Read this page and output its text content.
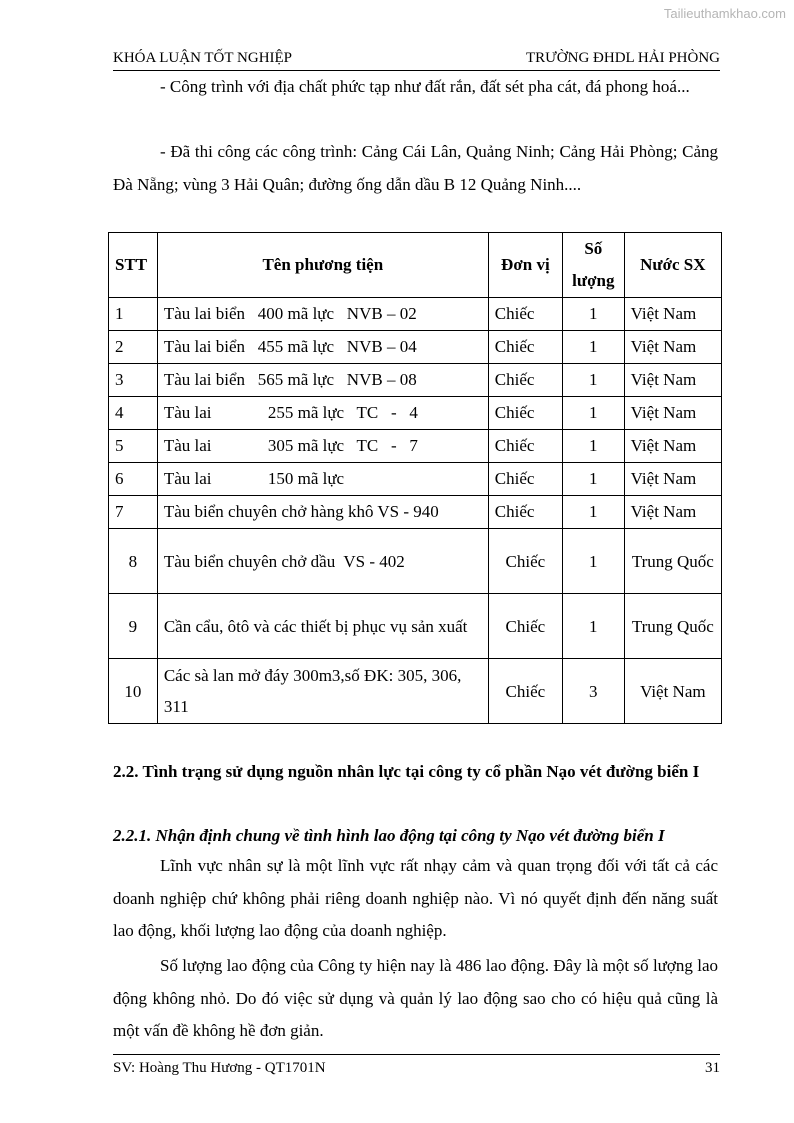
Tailieuthamkhao.com
KHÓA LUẬN TỐT NGHIỆP	TRƯỜNG ĐHDL HẢI PHÒNG

- Công trình với địa chất phức tạp như đất rắn, đất sét pha cát, đá phong hoá...

- Đã thi công các công trình: Cảng Cái Lân, Quảng Ninh; Cảng Hải Phòng; Cảng Đà Nẵng; vùng 3 Hải Quân; đường ống dẫn dầu B 12 Quảng Ninh....

STT	Tên phương tiện	Đơn vị	Số lượng	Nước SX
1	Tàu lai biển 400 mã lực   NVB – 02	Chiếc	1	Việt Nam
2	Tàu lai biển 455 mã lực   NVB – 04	Chiếc	1	Việt Nam
3	Tàu lai biển 565 mã lực   NVB – 08	Chiếc	1	Việt Nam
4	Tàu lai 255 mã lực   TC   -   4	Chiếc	1	Việt Nam
5	Tàu lai 305 mã lực   TC   -   7	Chiếc	1	Việt Nam
6	Tàu lai 150 mã lực	Chiếc	1	Việt Nam
7	Tàu biển chuyên chở hàng khô VS - 940	Chiếc	1	Việt Nam
8	Tàu biển chuyên chở dầu  VS - 402	Chiếc	1	Trung Quốc
9	Cần cẩu, ôtô và các thiết bị phục vụ sản xuất	Chiếc	1	Trung Quốc
10	Các sà lan mở đáy 300m3,số ĐK: 305, 306, 311	Chiếc	3	Việt Nam

2.2. Tình trạng sử dụng nguồn nhân lực tại công ty cổ phần Nạo vét đường biển I

2.2.1. Nhận định chung về tình hình lao động tại công ty Nạo vét đường biển I

Lĩnh vực nhân sự là một lĩnh vực rất nhạy cảm và quan trọng đối với tất cả các doanh nghiệp chứ không phải riêng doanh nghiệp nào. Vì nó quyết định đến năng suất lao động, khối lượng lao động của doanh nghiệp.

Số lượng lao động của Công ty hiện nay là 486 lao động. Đây là một số lượng lao động không nhỏ. Do đó việc sử dụng và quản lý lao động sao cho có hiệu quả cũng là một vấn đề không hề đơn giản.

SV: Hoàng Thu Hương - QT1701N	31
